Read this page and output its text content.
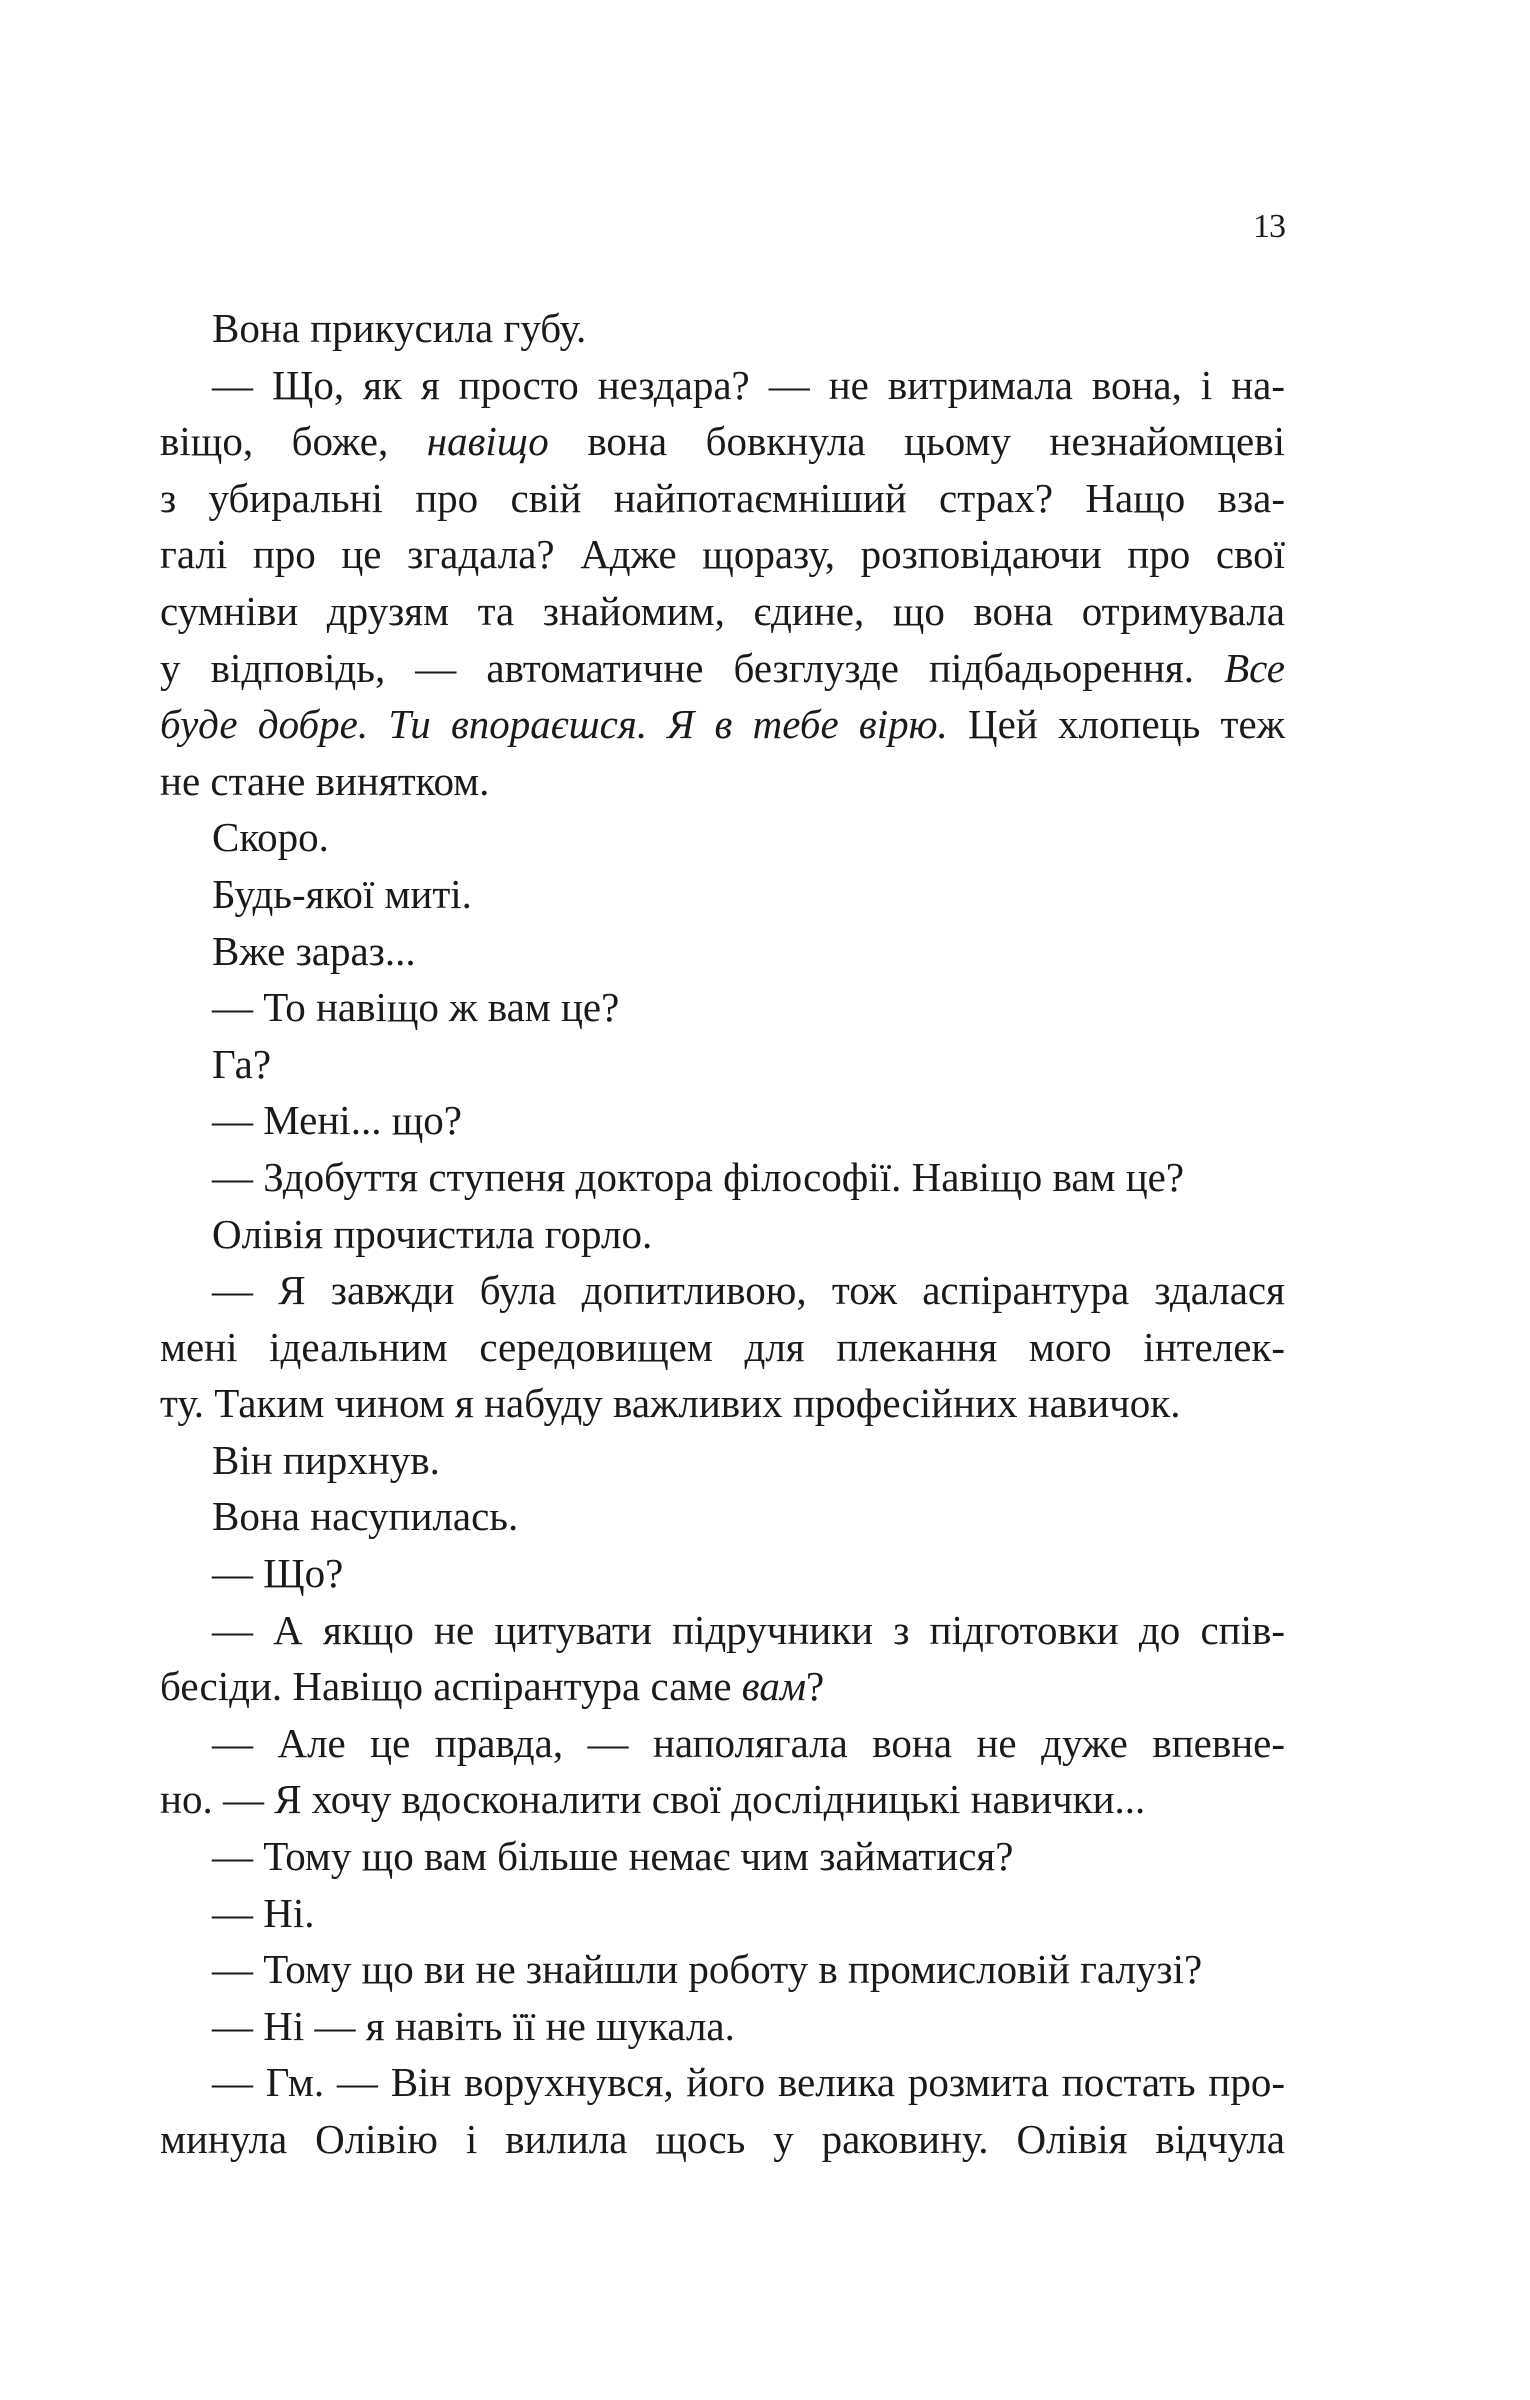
13
Вона прикусила губу.
— Що, як я просто нездара? — не витримала вона, і на-
віщо, боже, навіщо вона бовкнула цьому незнайомцеві
з убиральні про свій найпотаємніший страх? Нащо вза-
галі про це згадала? Адже щоразу, розповідаючи про свої
сумніви друзям та знайомим, єдине, що вона отримувала
у відповідь, — автоматичне безглузде підбадьорення. Все
буде добре. Ти впораєшся. Я в тебе вірю. Цей хлопець теж
не стане винятком.
Скоро.
Будь-якої миті.
Вже зараз...
— То навіщо ж вам це?
Га?
— Мені... що?
— Здобуття ступеня доктора філософії. Навіщо вам це?
Олівія прочистила горло.
— Я завжди була допитливою, тож аспірантура здалася
мені ідеальним середовищем для плекання мого інтелек-
ту. Таким чином я набуду важливих професійних навичок.
Він пирхнув.
Вона насупилась.
— Що?
— А якщо не цитувати підручники з підготовки до спів-
бесіди. Навіщо аспірантура саме вам?
— Але це правда, — наполягала вона не дуже впевне-
но. — Я хочу вдосконалити свої дослідницькі навички...
— Тому що вам більше немає чим займатися?
— Ні.
— Тому що ви не знайшли роботу в промисловій галузі?
— Ні — я навіть її не шукала.
— Гм. — Він ворухнувся, його велика розмита постать про-
минула Олівію і вилила щось у раковину. Олівія відчула
